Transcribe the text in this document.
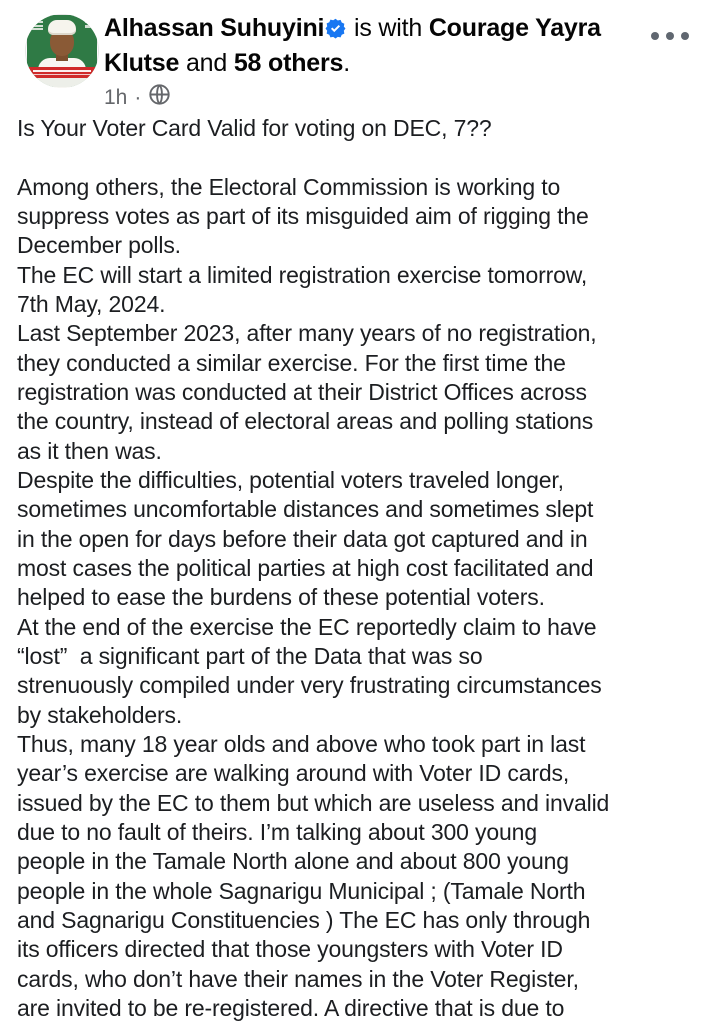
Alhassan Suhuyini is with Courage Yayra
Klutse and 58 others.
1h ·
Is Your Voter Card Valid for voting on DEC, 7??

Among others, the Electoral Commission is working to
suppress votes as part of its misguided aim of rigging the
December polls.
The EC will start a limited registration exercise tomorrow,
7th May, 2024.
Last September 2023, after many years of no registration,
they conducted a similar exercise. For the first time the
registration was conducted at their District Offices across
the country, instead of electoral areas and polling stations
as it then was.
Despite the difficulties, potential voters traveled longer,
sometimes uncomfortable distances and sometimes slept
in the open for days before their data got captured and in
most cases the political parties at high cost facilitated and
helped to ease the burdens of these potential voters.
At the end of the exercise the EC reportedly claim to have
“lost”  a significant part of the Data that was so
strenuously compiled under very frustrating circumstances
by stakeholders.
Thus, many 18 year olds and above who took part in last
year’s exercise are walking around with Voter ID cards,
issued by the EC to them but which are useless and invalid
due to no fault of theirs. I’m talking about 300 young
people in the Tamale North alone and about 800 young
people in the whole Sagnarigu Municipal ; (Tamale North
and Sagnarigu Constituencies ) The EC has only through
its officers directed that those youngsters with Voter ID
cards, who don’t have their names in the Voter Register,
are invited to be re-registered. A directive that is due to
